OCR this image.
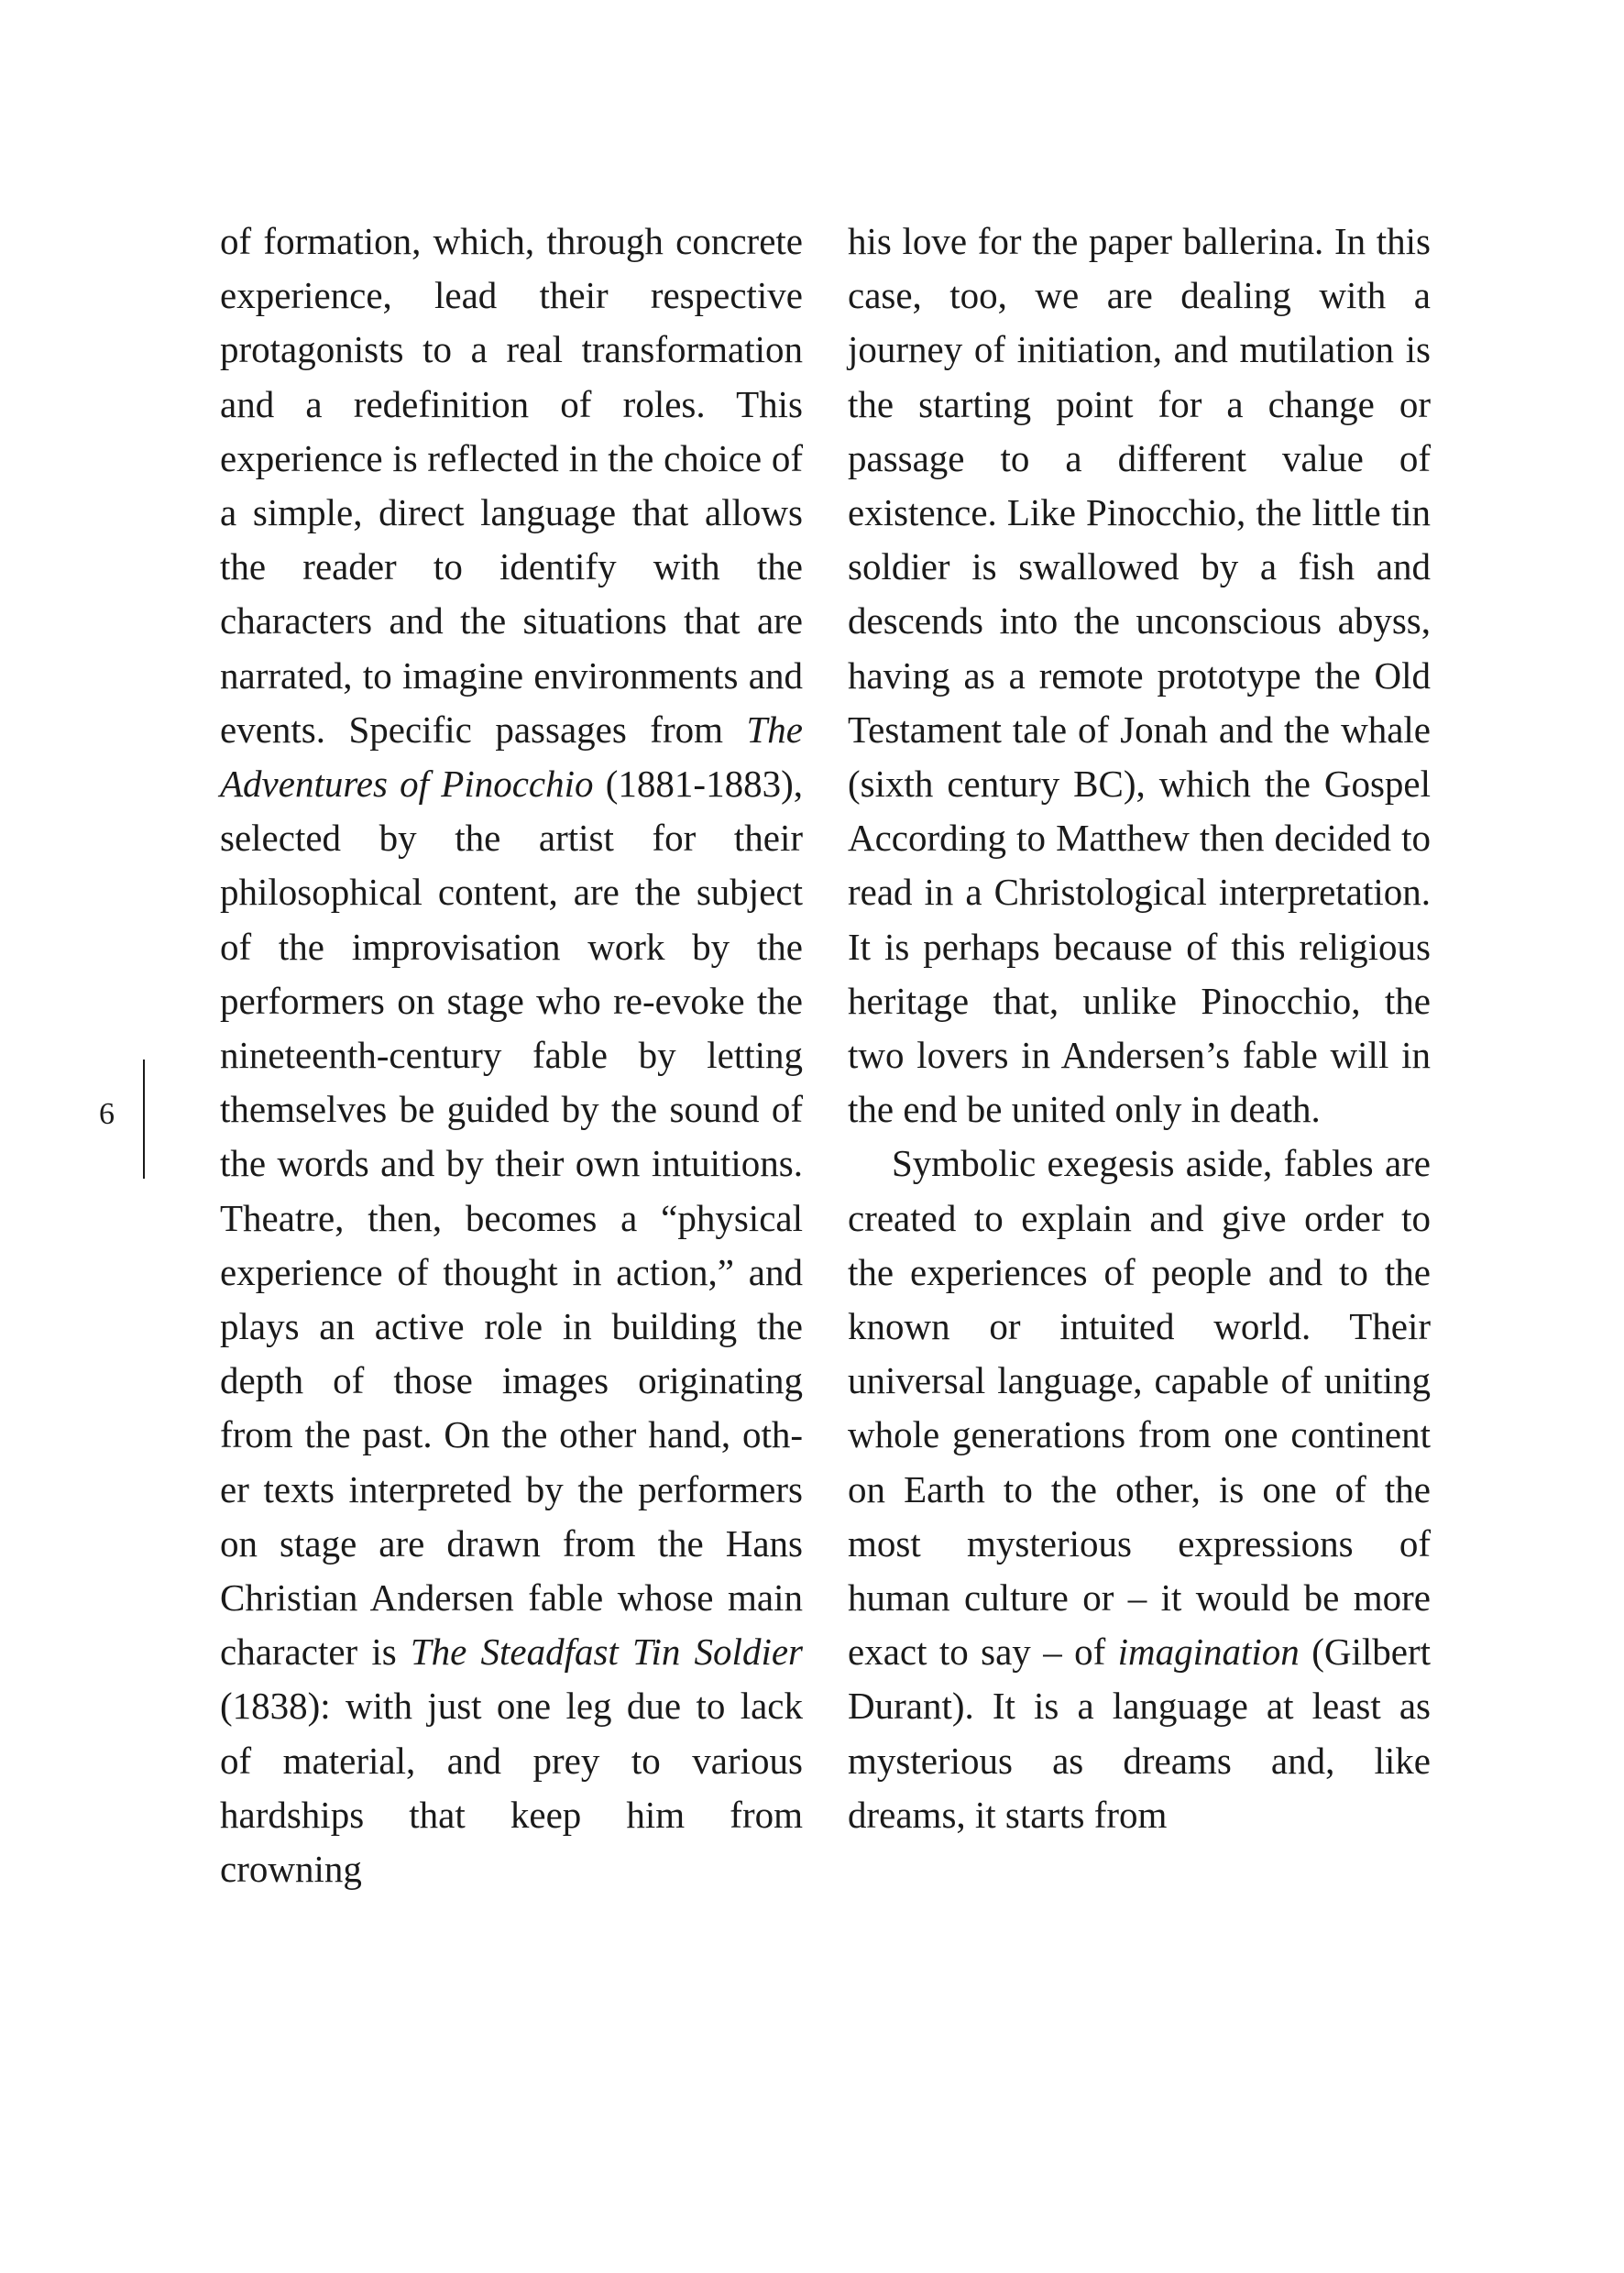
6

of formation, which, through concrete experience, lead their respective protagonists to a real transformation and a redefinition of roles. This experience is reflected in the choice of a simple, direct language that allows the reader to identify with the characters and the situations that are narrated, to imagine environments and events. Specific passages from The Adventures of Pinocchio (1881-1883), selected by the artist for their philosophical content, are the subject of the improvisation work by the performers on stage who re-evoke the nineteenth-century fable by letting themselves be guided by the sound of the words and by their own intuitions. Theatre, then, becomes a “physical experience of thought in action,” and plays an active role in building the depth of those images originating from the past. On the other hand, other texts interpreted by the performers on stage are drawn from the Hans Christian Andersen fable whose main character is The Steadfast Tin Soldier (1838): with just one leg due to lack of material, and prey to various hardships that keep him from crowning

his love for the paper ballerina. In this case, too, we are dealing with a journey of initiation, and mutilation is the starting point for a change or passage to a different value of existence. Like Pinocchio, the little tin soldier is swallowed by a fish and descends into the unconscious abyss, having as a remote prototype the Old Testament tale of Jonah and the whale (sixth century BC), which the Gospel According to Matthew then decided to read in a Christological interpretation. It is perhaps because of this religious heritage that, unlike Pinocchio, the two lovers in Andersen’s fable will in the end be united only in death.

Symbolic exegesis aside, fables are created to explain and give order to the experiences of people and to the known or intuited world. Their universal language, capable of uniting whole generations from one continent on Earth to the other, is one of the most mysterious expressions of human culture or – it would be more exact to say – of imagination (Gilbert Durant). It is a language at least as mysterious as dreams and, like dreams, it starts from
